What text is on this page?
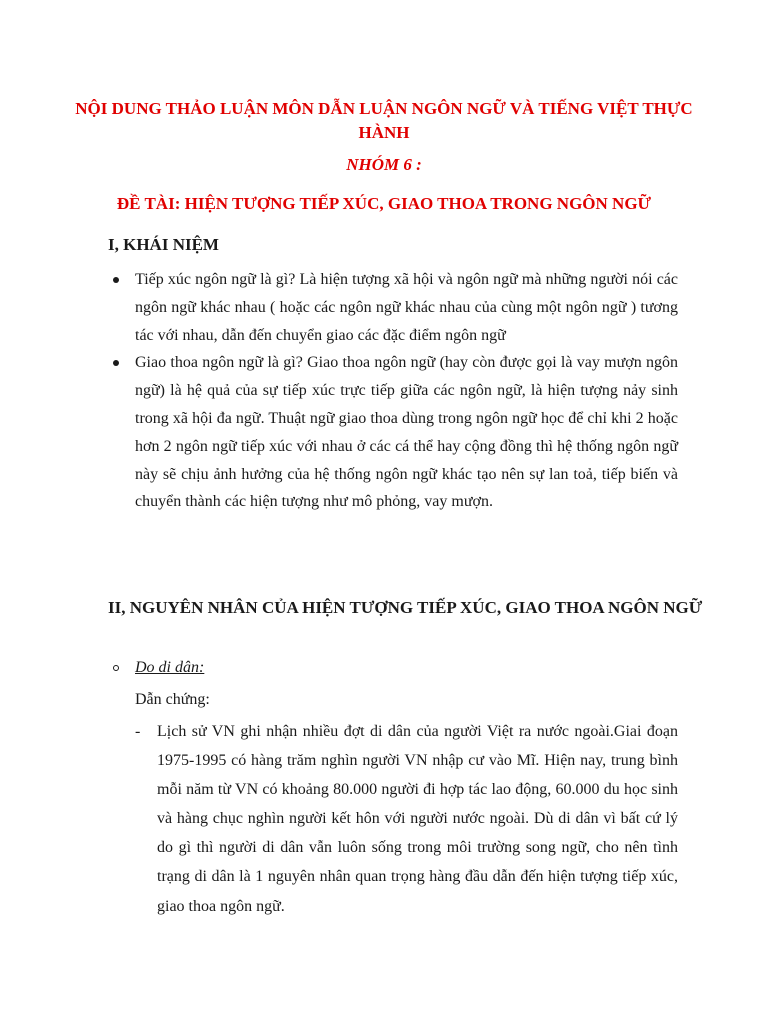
NỘI DUNG THẢO LUẬN MÔN DẪN LUẬN NGÔN NGỮ VÀ TIẾNG VIỆT THỰC HÀNH
NHÓM 6 :
ĐỀ TÀI: HIỆN TƯỢNG TIẾP XÚC, GIAO THOA TRONG NGÔN NGỮ
I, KHÁI NIỆM
Tiếp xúc ngôn ngữ là gì? Là hiện tượng xã hội và ngôn ngữ mà những người nói các ngôn ngữ khác nhau ( hoặc các ngôn ngữ khác nhau của cùng một ngôn ngữ ) tương tác với nhau, dẫn đến chuyển giao các đặc điểm ngôn ngữ
Giao thoa ngôn ngữ là gì? Giao thoa ngôn ngữ (hay còn được gọi là vay mượn ngôn ngữ) là hệ quả của sự tiếp xúc trực tiếp giữa các ngôn ngữ, là hiện tượng nảy sinh trong xã hội đa ngữ. Thuật ngữ giao thoa dùng trong ngôn ngữ học để chỉ khi 2 hoặc hơn 2 ngôn ngữ tiếp xúc với nhau ở các cá thể hay cộng đồng thì hệ thống ngôn ngữ này sẽ chịu ảnh hưởng của hệ thống ngôn ngữ khác tạo nên sự lan toả, tiếp biến và chuyển thành các hiện tượng như mô phỏng, vay mượn.
II, NGUYÊN NHÂN CỦA HIỆN TƯỢNG TIẾP XÚC, GIAO THOA NGÔN NGỮ
Do di dân:

Dẫn chứng:

- Lịch sử VN ghi nhận nhiều đợt di dân của người Việt ra nước ngoài.Giai đoạn 1975-1995 có hàng trăm nghìn người VN nhập cư vào Mĩ. Hiện nay, trung bình mỗi năm từ VN có khoảng 80.000 người đi hợp tác lao động, 60.000 du học sinh và hàng chục nghìn người kết hôn với người nước ngoài. Dù di dân vì bất cứ lý do gì thì người di dân vẫn luôn sống trong môi trường song ngữ, cho nên tình trạng di dân là 1 nguyên nhân quan trọng hàng đầu dẫn đến hiện tượng tiếp xúc, giao thoa ngôn ngữ.
